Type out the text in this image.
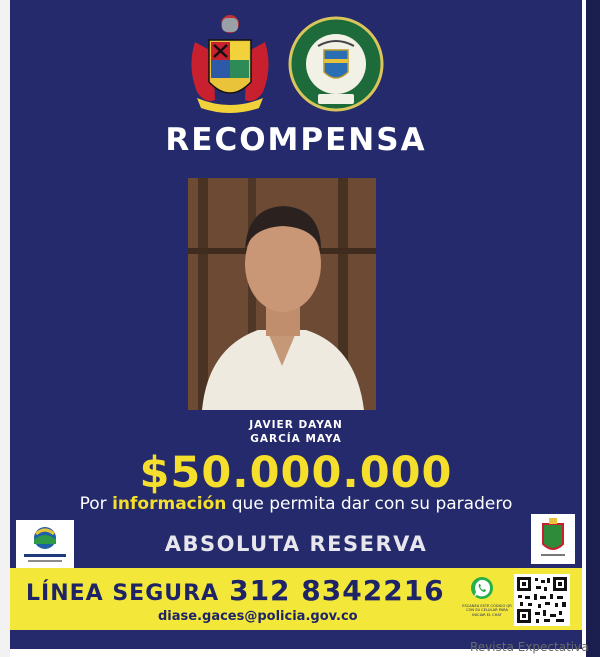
RECOMPENSA
JAVIER DAYAN
GARCÍA MAYA
$50.000.000
Por información que permita dar con su paradero
ABSOLUTA RESERVA
LÍNEA SEGURA 312 8342216
diase.gaces@policia.gov.co
ESCANEA ESTE CÓDIGO QR CON SU CELULAR PARA INICIAR EL CHAT
Revista Expectativa
